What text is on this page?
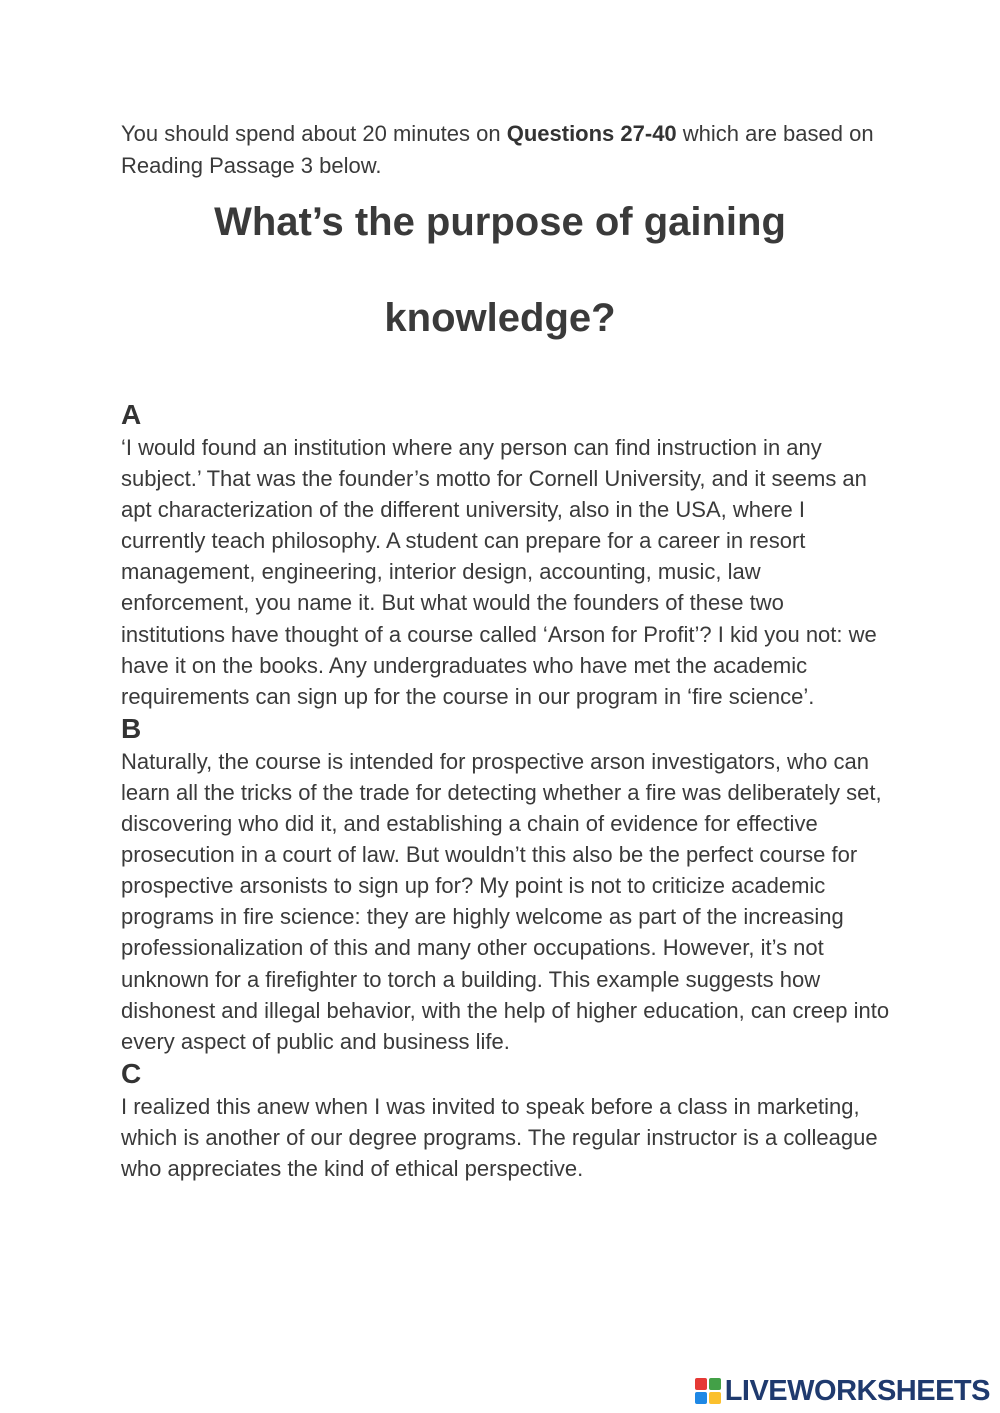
You should spend about 20 minutes on Questions 27-40 which are based on Reading Passage 3 below.

What’s the purpose of gaining
knowledge?

A

‘I would found an institution where any person can find instruction in any subject.’ That was the founder’s motto for Cornell University, and it seems an apt characterization of the different university, also in the USA, where I currently teach philosophy. A student can prepare for a career in resort management, engineering, interior design, accounting, music, law enforcement, you name it. But what would the founders of these two institutions have thought of a course called ‘Arson for Profit’? I kid you not: we have it on the books. Any undergraduates who have met the academic requirements can sign up for the course in our program in ‘fire science’.

B

Naturally, the course is intended for prospective arson investigators, who can learn all the tricks of the trade for detecting whether a fire was deliberately set, discovering who did it, and establishing a chain of evidence for effective prosecution in a court of law. But wouldn’t this also be the perfect course for prospective arsonists to sign up for? My point is not to criticize academic programs in fire science: they are highly welcome as part of the increasing professionalization of this and many other occupations. However, it’s not unknown for a firefighter to torch a building. This example suggests how dishonest and illegal behavior, with the help of higher education, can creep into every aspect of public and business life.

C

I realized this anew when I was invited to speak before a class in marketing, which is another of our degree programs. The regular instructor is a colleague who appreciates the kind of ethical perspective.

LIVEWORKSHEETS
